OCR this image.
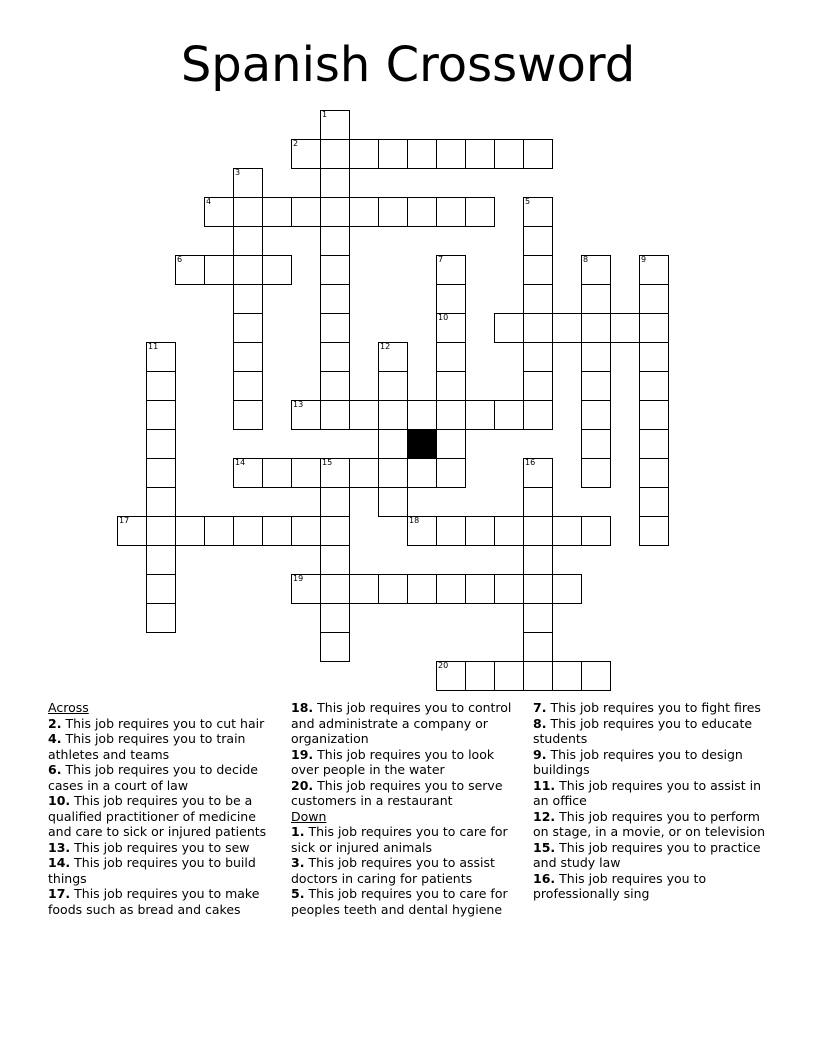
Spanish Crossword
1
2
3
4	5
6	7	8	9
10
11	12
13
14	15	16
17	18
19
20
Across
2. This job requires you to cut hair
4. This job requires you to train athletes and teams
6. This job requires you to decide cases in a court of law
10. This job requires you to be a qualified practitioner of medicine and care to sick or injured patients
13. This job requires you to sew
14. This job requires you to build things
17. This job requires you to make foods such as bread and cakes
18. This job requires you to control and administrate a company or organization
19. This job requires you to look over people in the water
20. This job requires you to serve customers in a restaurant
Down
1. This job requires you to care for sick or injured animals
3. This job requires you to assist doctors in caring for patients
5. This job requires you to care for peoples teeth and dental hygiene
7. This job requires you to fight fires
8. This job requires you to educate students
9. This job requires you to design buildings
11. This job requires you to assist in an office
12. This job requires you to perform on stage, in a movie, or on television
15. This job requires you to practice and study law
16. This job requires you to professionally sing
